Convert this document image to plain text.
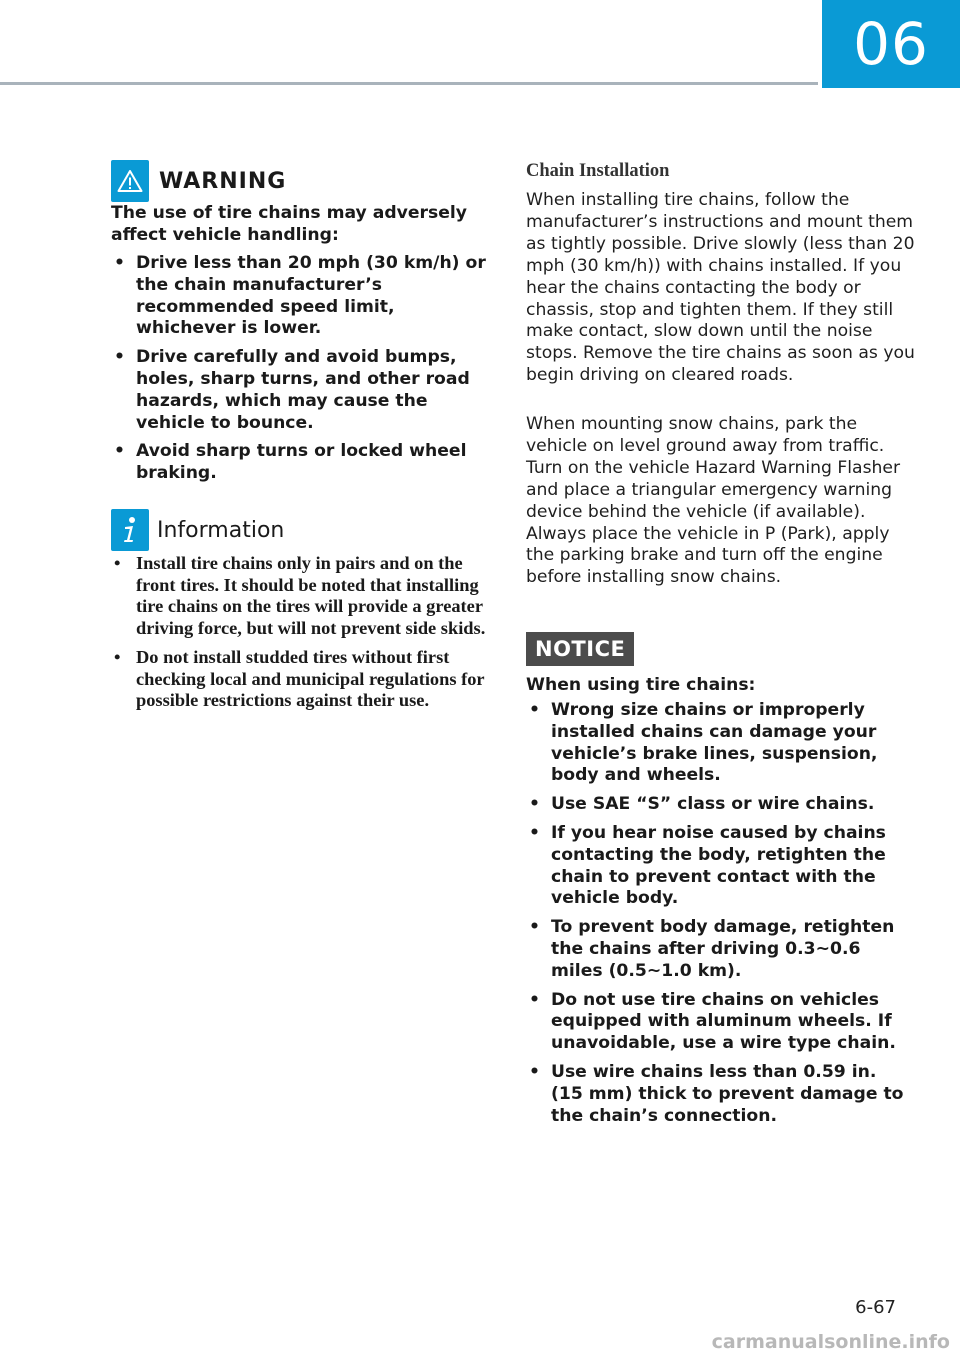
06
WARNING

The use of tire chains may adversely affect vehicle handling:

• Drive less than 20 mph (30 km/h) or the chain manufacturer’s recommended speed limit, whichever is lower.
• Drive carefully and avoid bumps, holes, sharp turns, and other road hazards, which may cause the vehicle to bounce.
• Avoid sharp turns or locked wheel braking.
Information
• Install tire chains only in pairs and on the front tires. It should be noted that installing tire chains on the tires will provide a greater driving force, but will not prevent side skids.
• Do not install studded tires without first checking local and municipal regulations for possible restrictions against their use.
Chain Installation

When installing tire chains, follow the manufacturer’s instructions and mount them as tightly possible. Drive slowly (less than 20 mph (30 km/h)) with chains installed. If you hear the chains contacting the body or chassis, stop and tighten them. If they still make contact, slow down until the noise stops. Remove the tire chains as soon as you begin driving on cleared roads.

When mounting snow chains, park the vehicle on level ground away from traffic. Turn on the vehicle Hazard Warning Flasher and place a triangular emergency warning device behind the vehicle (if available). Always place the vehicle in P (Park), apply the parking brake and turn off the engine before installing snow chains.

NOTICE

When using tire chains:

• Wrong size chains or improperly installed chains can damage your vehicle’s brake lines, suspension, body and wheels.
• Use SAE “S” class or wire chains.
• If you hear noise caused by chains contacting the body, retighten the chain to prevent contact with the vehicle body.
• To prevent body damage, retighten the chains after driving 0.3~0.6 miles (0.5~1.0 km).
• Do not use tire chains on vehicles equipped with aluminum wheels. If unavoidable, use a wire type chain.
• Use wire chains less than 0.59 in. (15 mm) thick to prevent damage to the chain’s connection.
6-67
carmanualsonline.info
